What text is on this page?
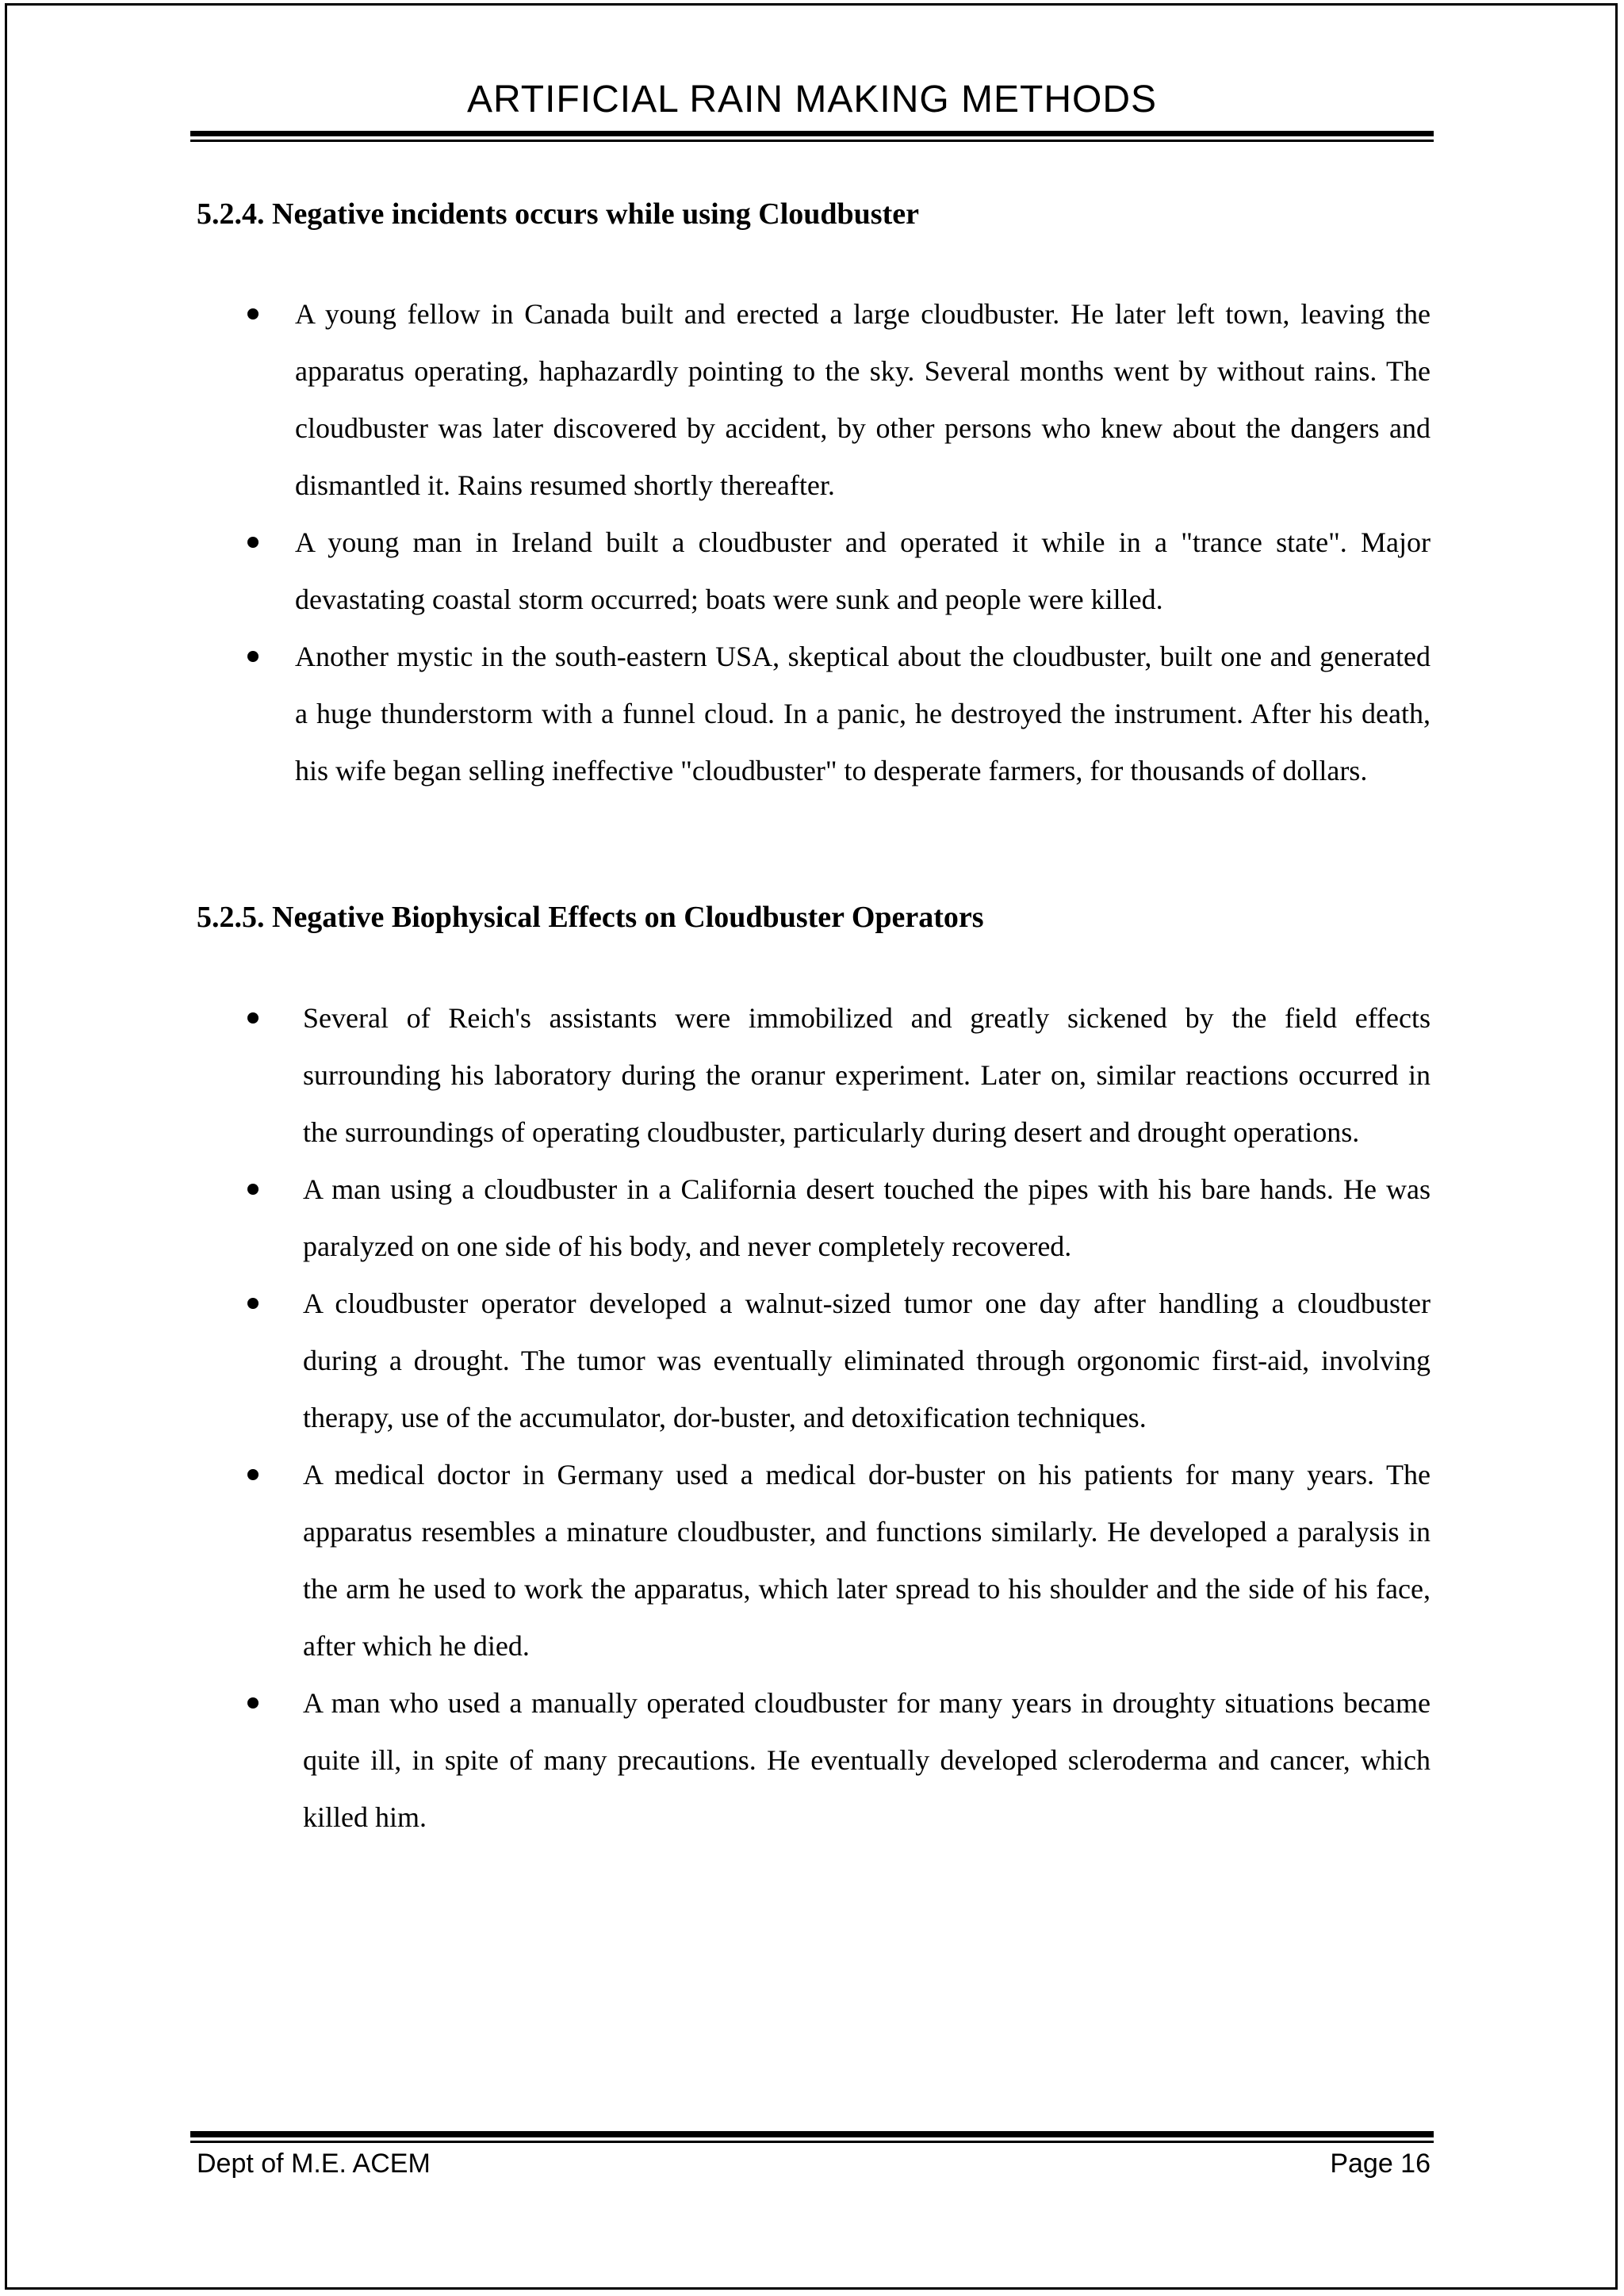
ARTIFICIAL RAIN MAKING METHODS
5.2.4. Negative incidents occurs while using Cloudbuster
A young fellow in Canada built and erected a large cloudbuster. He later left town, leaving the apparatus operating, haphazardly pointing to the sky. Several months went by without rains. The cloudbuster was later discovered by accident, by other persons who knew about the dangers and dismantled it. Rains resumed shortly thereafter.
A young man in Ireland built a cloudbuster and operated it while in a "trance state". Major devastating coastal storm occurred; boats were sunk and people were killed.
Another mystic in the south-eastern USA, skeptical about the cloudbuster, built one and generated a huge thunderstorm with a funnel cloud. In a panic, he destroyed the instrument. After his death, his wife began selling ineffective "cloudbuster" to desperate farmers, for thousands of dollars.
5.2.5. Negative Biophysical Effects on Cloudbuster Operators
Several of Reich's assistants were immobilized and greatly sickened by the field effects surrounding his laboratory during the oranur experiment. Later on, similar reactions occurred in the surroundings of operating cloudbuster, particularly during desert and drought operations.
A man using a cloudbuster in a California desert touched the pipes with his bare hands. He was paralyzed on one side of his body, and never completely recovered.
A cloudbuster operator developed a walnut-sized tumor one day after handling a cloudbuster during a drought. The tumor was eventually eliminated through orgonomic first-aid, involving therapy, use of the accumulator, dor-buster, and detoxification techniques.
A medical doctor in Germany used a medical dor-buster on his patients for many years. The apparatus resembles a minature cloudbuster, and functions similarly. He developed a paralysis in the arm he used to work the apparatus, which later spread to his shoulder and the side of his face, after which he died.
A man who used a manually operated cloudbuster for many years in droughty situations became quite ill, in spite of many precautions. He eventually developed scleroderma and cancer, which killed him.
Dept of M.E. ACEM	Page 16
